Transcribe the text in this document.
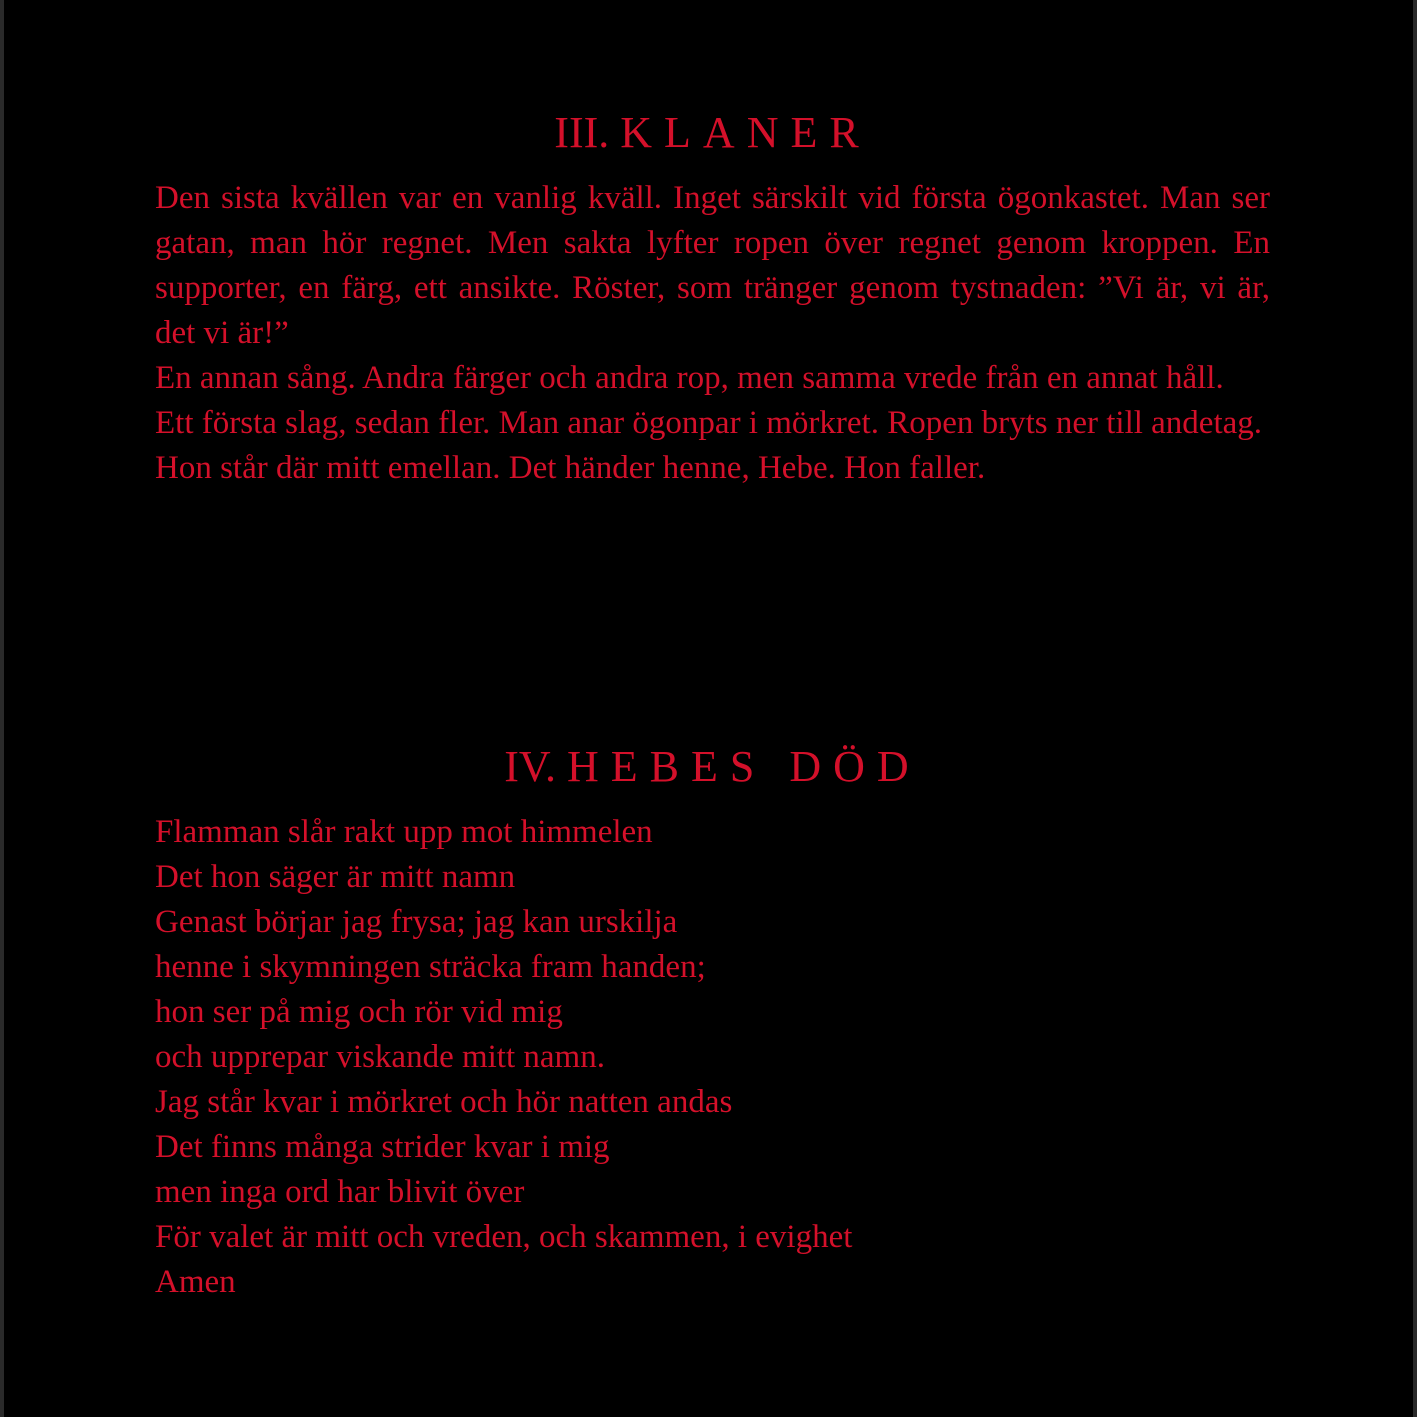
III. KLANER

Den sista kvällen var en vanlig kväll. Inget särskilt vid första ögonkastet. Man ser gatan, man hör regnet. Men sakta lyfter ropen över regnet genom kroppen. En supporter, en färg, ett ansikte. Röster, som tränger genom tystnaden: ”Vi är, vi är, det vi är!”

En annan sång. Andra färger och andra rop, men samma vrede från en annat håll.

Ett första slag, sedan fler. Man anar ögonpar i mörkret. Ropen bryts ner till andetag.

Hon står där mitt emellan. Det händer henne, Hebe. Hon faller.

IV. HEBES DÖD
Flamman slår rakt upp mot himmelen
Det hon säger är mitt namn
Genast börjar jag frysa; jag kan urskilja
henne i skymningen sträcka fram handen;
hon ser på mig och rör vid mig
och upprepar viskande mitt namn.
Jag står kvar i mörkret och hör natten andas
Det finns många strider kvar i mig
men inga ord har blivit över
För valet är mitt och vreden, och skammen, i evighet
Amen
